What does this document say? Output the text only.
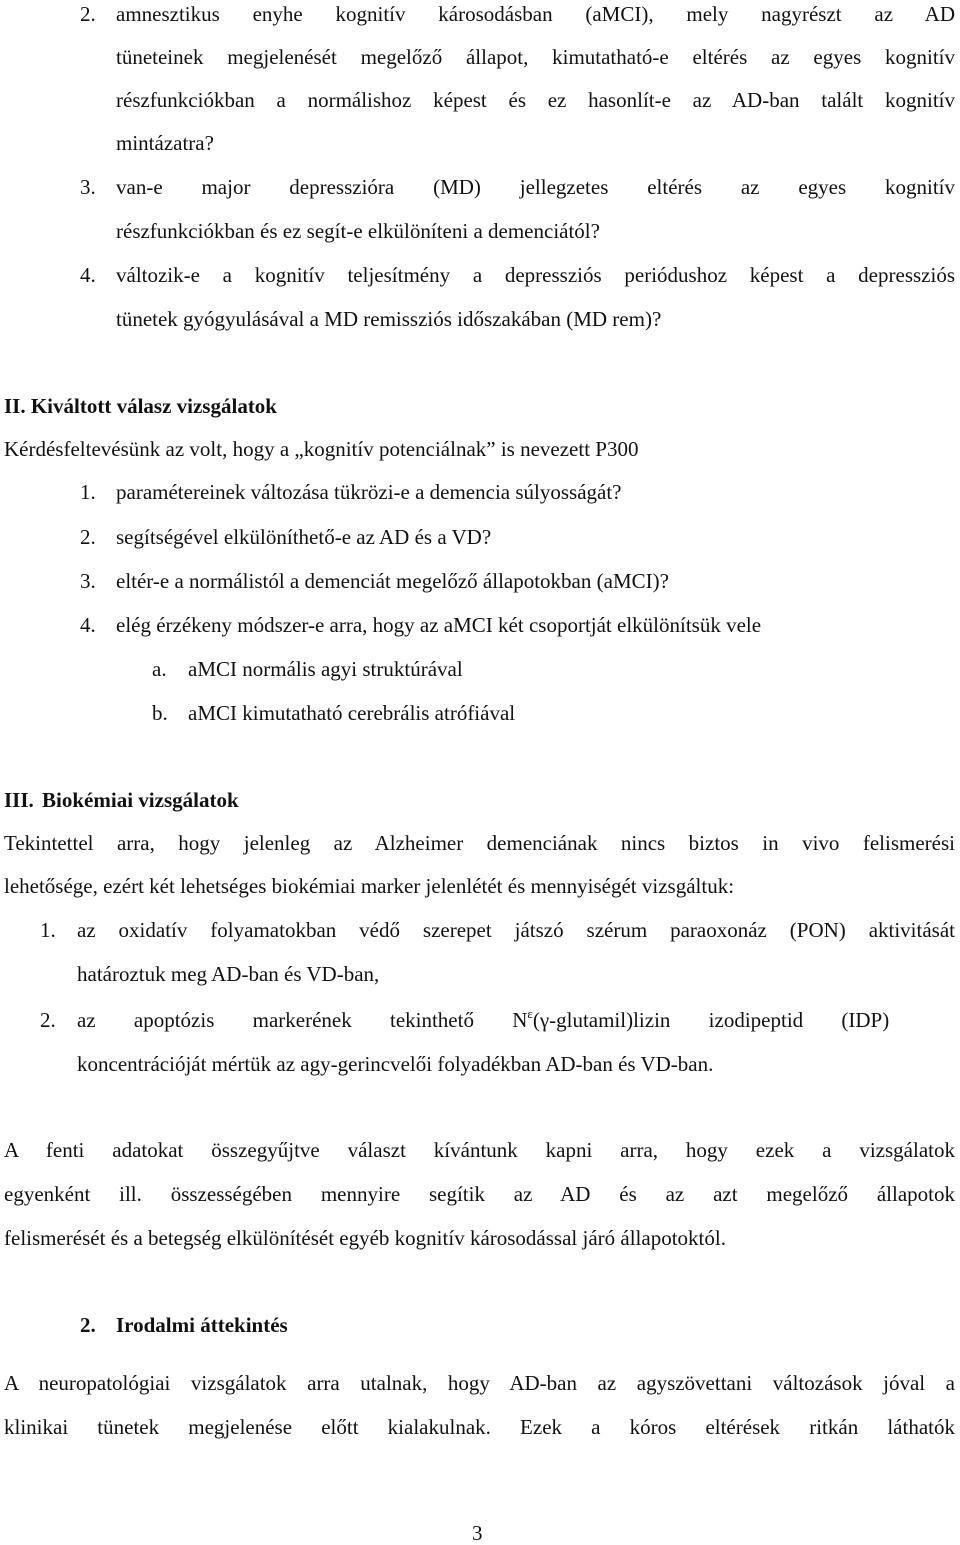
2. amnesztikus enyhe kognitív károsodásban (aMCI), mely nagyrészt az AD
tüneteinek megjelenését megelőző állapot, kimutatható-e eltérés az egyes kognitív
részfunkciókban a normálishoz képest és ez hasonlít-e az AD-ban talált kognitív
mintázatra?
3. van-e major depresszióra (MD) jellegzetes eltérés az egyes kognitív
részfunkciókban és ez segít-e elkülöníteni a demenciától?
4. változik-e a kognitív teljesítmény a depressziós periódushoz képest a depressziós
tünetek gyógyulásával a MD remissziós időszakában (MD rem)?
II. Kiváltott válasz vizsgálatok
Kérdésfeltevésünk az volt, hogy a „kognitív potenciálnak” is nevezett P300
1. paramétereinek változása tükrözi-e a demencia súlyosságát?
2. segítségével elkülöníthető-e az AD és a VD?
3. eltér-e a normálistól a demenciát megelőző állapotokban (aMCI)?
4. elég érzékeny módszer-e arra, hogy az aMCI két csoportját elkülönítsük vele
a. aMCI normális agyi struktúrával
b. aMCI kimutatható cerebrális atrófiával
III. Biokémiai vizsgálatok
Tekintettel arra, hogy jelenleg az Alzheimer demenciának nincs biztos in vivo felismerési
lehetősége, ezért két lehetséges biokémiai marker jelenlétét és mennyiségét vizsgáltuk:
1. az oxidatív folyamatokban védő szerepet játszó szérum paraoxonáz (PON) aktivitását
határoztuk meg AD-ban és VD-ban,
2. az apoptózis markerének tekinthető $N^\varepsilon(\gamma-glutamil)lizin$ izodipeptid (IDP)
koncentrációját mértük az agy-gerincvelői folyadékban AD-ban és VD-ban.
A fenti adatokat összegyűjtve választ kívántunk kapni arra, hogy ezek a vizsgálatok
egyenként ill. összességében mennyire segítik az AD és az azt megelőző állapotok
felismerését és a betegség elkülönítését egyéb kognitív károsodással járó állapotoktól.
2. Irodalmi áttekintés
A neuropatológiai vizsgálatok arra utalnak, hogy AD-ban az agyszövettani változások jóval a
klinikai tünetek megjelenése előtt kialakulnak. Ezek a kóros eltérések ritkán láthatók
3
